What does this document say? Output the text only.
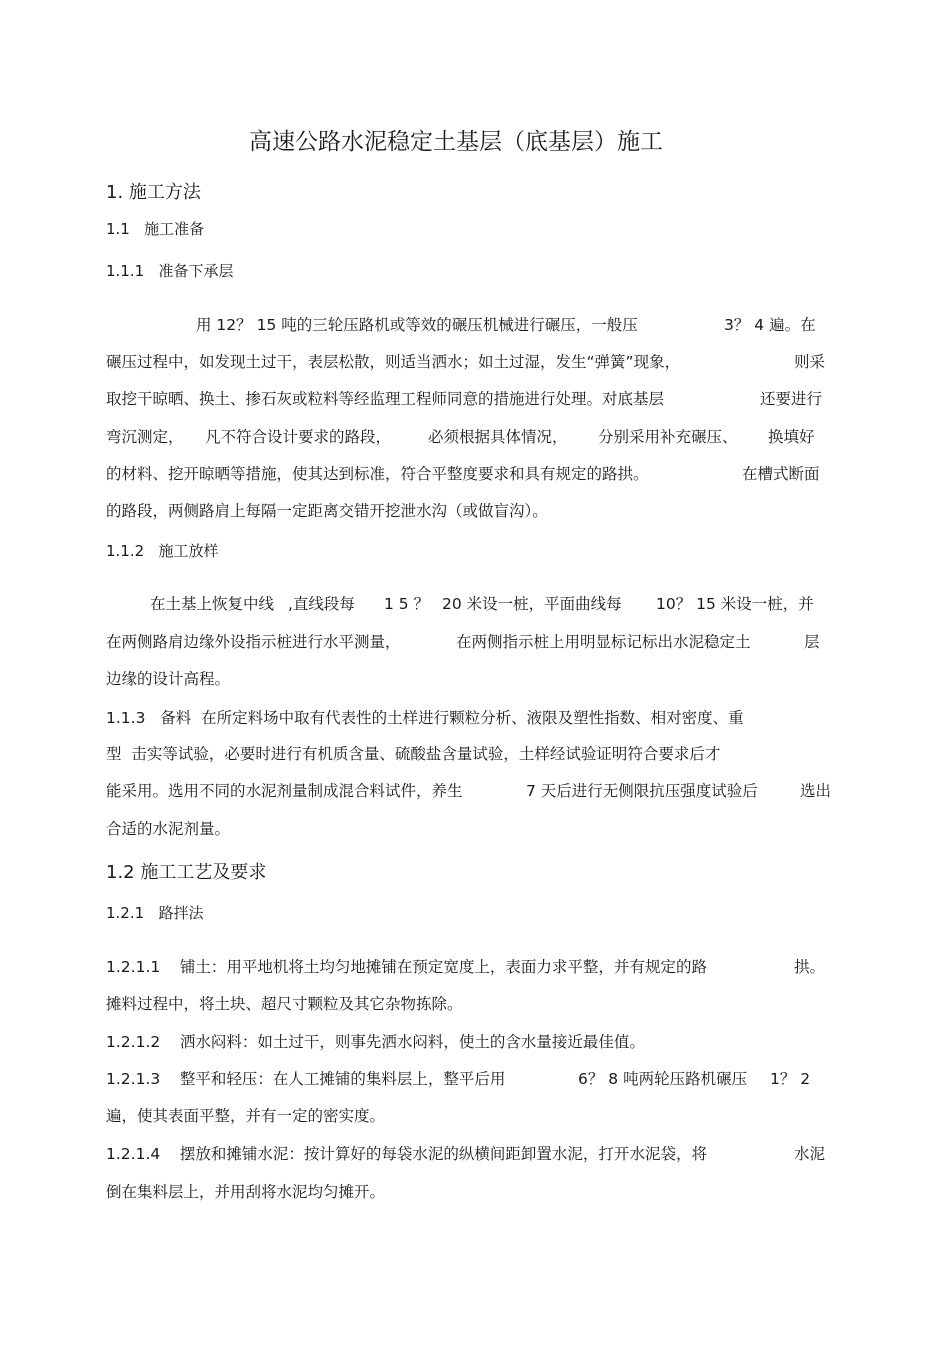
高速公路水泥稳定土基层（底基层）施工
1. 施工方法
1.1   施工准备
1.1.1   准备下承层
用 12？ 15 吨的三轮压路机或等效的碾压机械进行碾压，一般压	3？ 4 遍。在
碾压过程中，如发现土过干，表层松散，则适当洒水；如土过湿，发生“弹簧”现象，	则采
取挖干晾晒、换土、掺石灰或粒料等经监理工程师同意的措施进行处理。对底基层	还要进行
弯沉测定， 凡不符合设计要求的路段， 必须根据具体情况， 分别采用补充碾压、 换填好
的材料、挖开晾晒等措施，使其达到标准，符合平整度要求和具有规定的路拱。	在槽式断面
的路段，两侧路肩上每隔一定距离交错开挖泄水沟（或做盲沟）。
1.1.2   施工放样
在土基上恢复中线 ,直线段每 1 5 ？ 20 米设一桩，平面曲线每 10？ 15 米设一桩，并
在两侧路肩边缘外设指示桩进行水平测量，	在两侧指示桩上用明显标记标出水泥稳定土	层
边缘的设计高程。
1.1.3   备料  在所定料场中取有代表性的土样进行颗粒分析、液限及塑性指数、相对密度、重
型  击实等试验，必要时进行有机质含量、硫酸盐含量试验，土样经试验证明符合要求后才
能采用。选用不同的水泥剂量制成混合料试件，养生	7 天后进行无侧限抗压强度试验后	选出
合适的水泥剂量。
1.2 施工工艺及要求
1.2.1   路拌法
1.2.1.1    铺土：用平地机将土均匀地摊铺在预定宽度上，表面力求平整，并有规定的路	拱。
摊料过程中，将土块、超尺寸颗粒及其它杂物拣除。
1.2.1.2    洒水闷料：如土过干，则事先洒水闷料，使土的含水量接近最佳值。
1.2.1.3    整平和轻压：在人工摊铺的集料层上，整平后用	6？ 8 吨两轮压路机碾压 1？ 2
遍，使其表面平整，并有一定的密实度。
1.2.1.4    摆放和摊铺水泥：按计算好的每袋水泥的纵横间距卸置水泥，打开水泥袋，将	水泥
倒在集料层上，并用刮将水泥均匀摊开。
